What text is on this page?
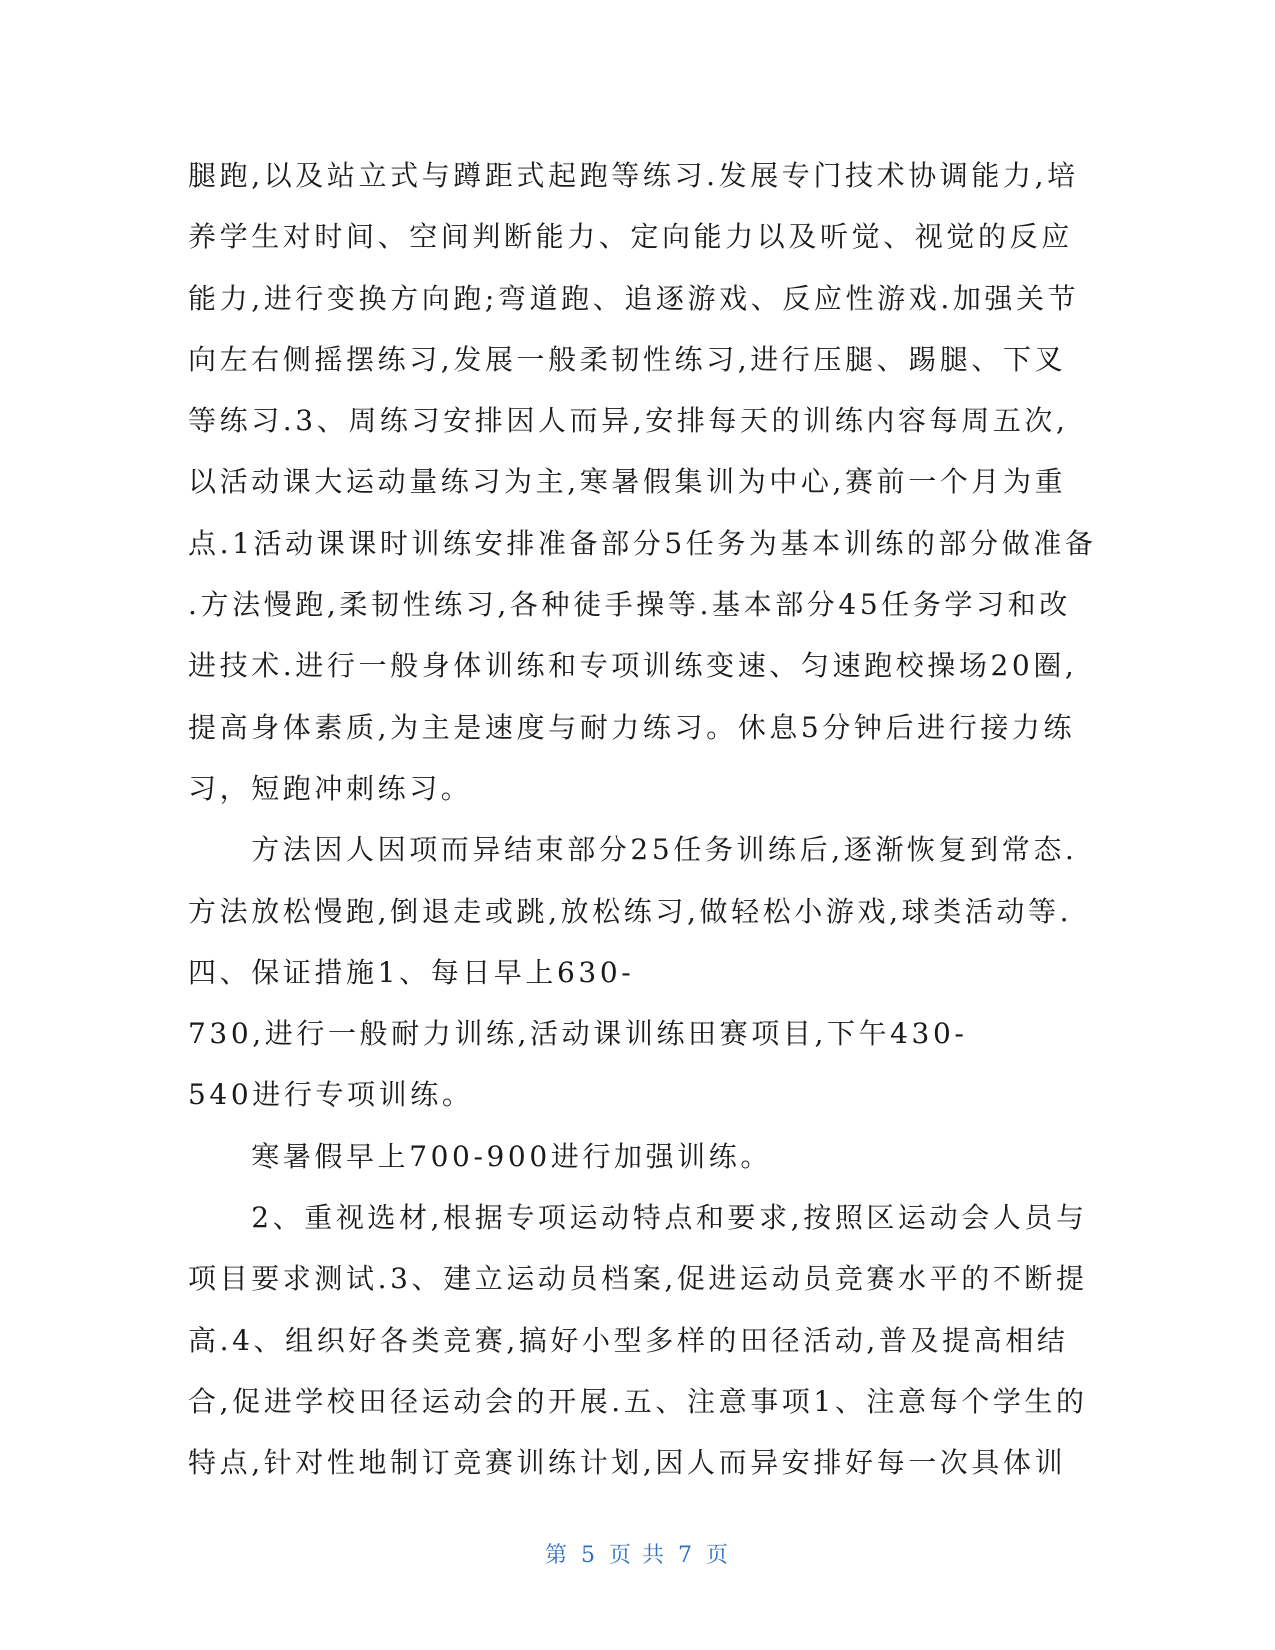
腿跑,以及站立式与蹲距式起跑等练习.发展专门技术协调能力,培
养学生对时间、空间判断能力、定向能力以及听觉、视觉的反应
能力,进行变换方向跑;弯道跑、追逐游戏、反应性游戏.加强关节
向左右侧摇摆练习,发展一般柔韧性练习,进行压腿、踢腿、下叉
等练习.3、周练习安排因人而异,安排每天的训练内容每周五次,
以活动课大运动量练习为主,寒暑假集训为中心,赛前一个月为重
点.1活动课课时训练安排准备部分5任务为基本训练的部分做准备
.方法慢跑,柔韧性练习,各种徒手操等.基本部分45任务学习和改
进技术.进行一般身体训练和专项训练变速、匀速跑校操场20圈,
提高身体素质,为主是速度与耐力练习。休息5分钟后进行接力练
习，短跑冲刺练习。
　　方法因人因项而异结束部分25任务训练后,逐渐恢复到常态.
方法放松慢跑,倒退走或跳,放松练习,做轻松小游戏,球类活动等.
四、保证措施1、每日早上630-
730,进行一般耐力训练,活动课训练田赛项目,下午430-
540进行专项训练。
　　寒暑假早上700-900进行加强训练。
　　2、重视选材,根据专项运动特点和要求,按照区运动会人员与
项目要求测试.3、建立运动员档案,促进运动员竞赛水平的不断提
高.4、组织好各类竞赛,搞好小型多样的田径活动,普及提高相结
合,促进学校田径运动会的开展.五、注意事项1、注意每个学生的
特点,针对性地制订竞赛训练计划,因人而异安排好每一次具体训
第 5 页 共 7 页
